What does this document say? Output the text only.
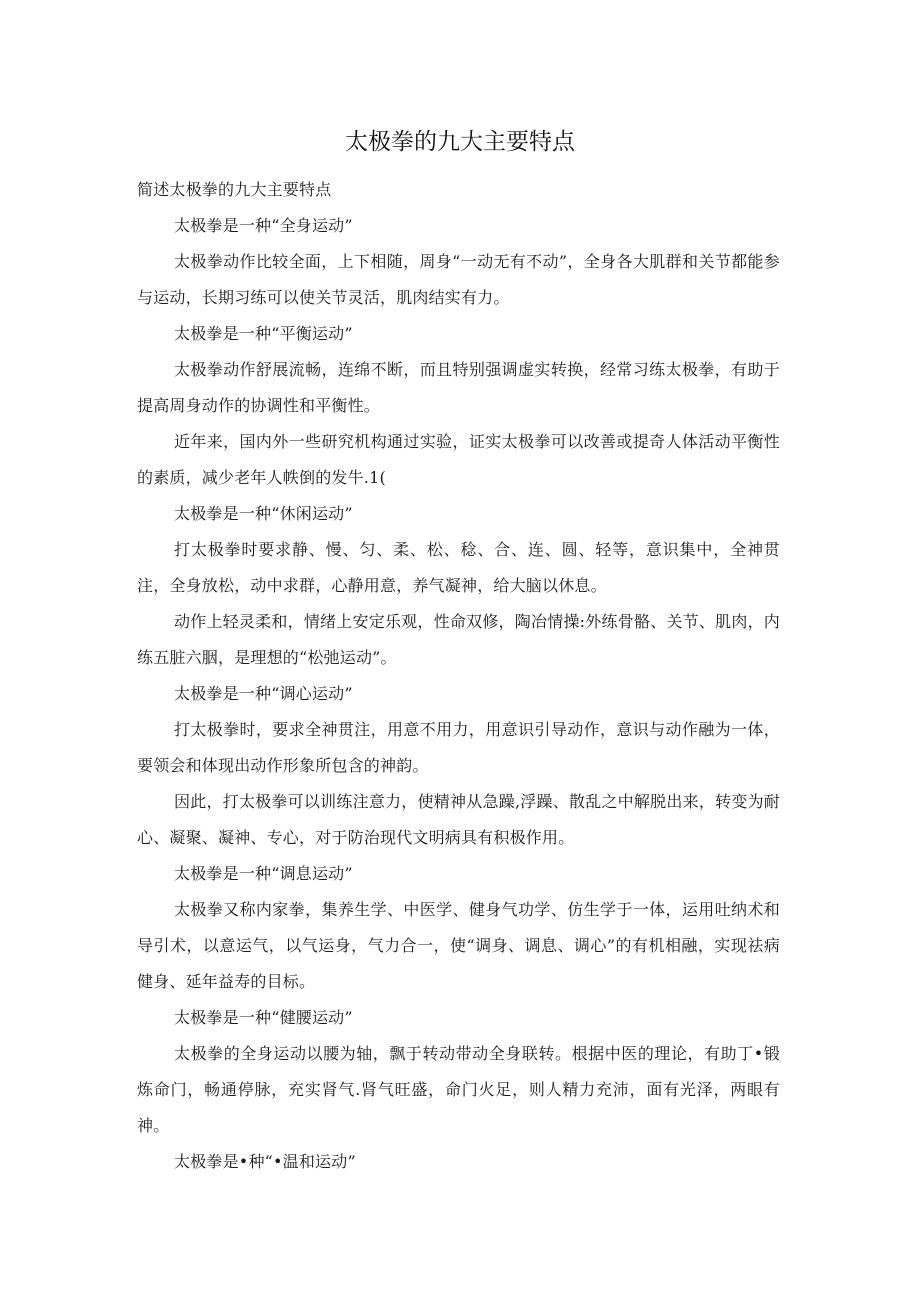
太极拳的九大主要特点

简述太极拳的九大主要特点

太极拳是一种“全身运动”

太极拳动作比较全面，上下相随，周身“一动无有不动”，全身各大肌群和关节都能参与运动，长期习练可以使关节灵活，肌肉结实有力。

太极拳是一种“平衡运动”

太极拳动作舒展流畅，连绵不断，而且特别强调虚实转换，经常习练太极拳，有助于提高周身动作的协调性和平衡性。

近年来，国内外一些研究机构通过实验，证实太极拳可以改善或提奇人体活动平衡性的素质，减少老年人帙倒的发牛.1(

太极拳是一种“休闲运动”

打太极拳时要求静、慢、匀、柔、松、稔、合、连、圆、轻等，意识集中，全神贯注，全身放松，动中求群，心静用意，养气凝神，给大脑以休息。

动作上轻灵柔和，情绪上安定乐观，性命双修，陶冶情操:外练骨骼、关节、肌肉，内练五脏六胭，是理想的“松弛运动”。

太极拳是一种“调心运动”

打太极拳时，要求全神贯注，用意不用力，用意识引导动作，意识与动作融为一体，要领会和体现出动作形象所包含的神韵。

因此，打太极拳可以训练注意力，使精神从急躁,浮躁、散乱之中解脱出来，转变为耐心、凝聚、凝神、专心，对于防治现代文明病具有积极作用。

太极拳是一种“调息运动”

太极拳又称内家拳，集养生学、中医学、健身气功学、仿生学于一体，运用吐纳术和导引术，以意运气，以气运身，气力合一，使“调身、调息、调心”的有机相融，实现祛病健身、延年益寿的目标。

太极拳是一种“健腰运动”

太极拳的全身运动以腰为轴，飘于转动带动全身联转。根据中医的理论，有助丁•锻炼命门，畅通停脉，充实肾气.肾气旺盛，命门火足，则人精力充沛，面有光泽，两眼有神。

太极拳是•种“•温和运动”
